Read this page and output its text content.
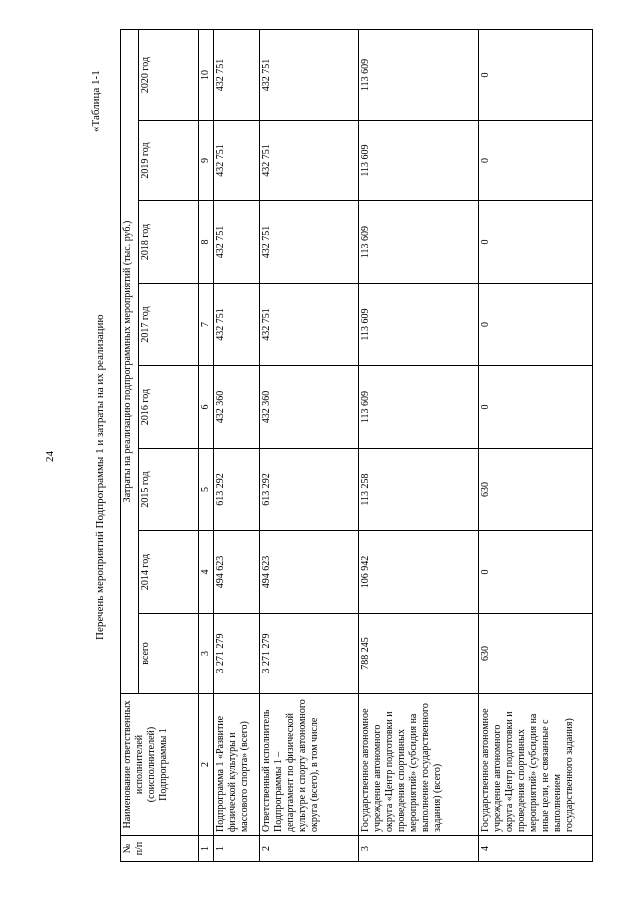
24	Перечень мероприятий Подпрограммы 1 и затраты на их реализацию
«Таблица 1-1
№ п/п	Наименование ответственных исполнителей (соисполнителей) Подпрограммы 1	Затраты на реализацию подпрограммных мероприятий (тыс. руб.)							
		всего	2014 год	2015 год	2016 год	2017 год	2018 год	2019 год	2020 год
1	2	3	4	5	6	7	8	9	10
1	Подпрограмма 1 «Развитие физической культуры и массового спорта» (всего)	3 271 279	494 623	613 292	432 360	432 751	432 751	432 751	432 751
2	Ответственный исполнитель Подпрограммы 1 – департамент по физической культуре и спорту автономного округа (всего), в том числе	3 271 279	494 623	613 292	432 360	432 751	432 751	432 751	432 751
3	Государственное автономное учреждение автономного округа «Центр подготовки и проведения спортивных мероприятий» (субсидия на выполнение государственного задания) (всего)	788 245	106 942	113 258	113 609	113 609	113 609	113 609	113 609
4	Государственное автономное учреждение автономного округа «Центр подготовки и проведения спортивных мероприятий» (субсидия на иные цели, не связанные с выполнением государственного задания)	630	0	630	0	0	0	0	0
